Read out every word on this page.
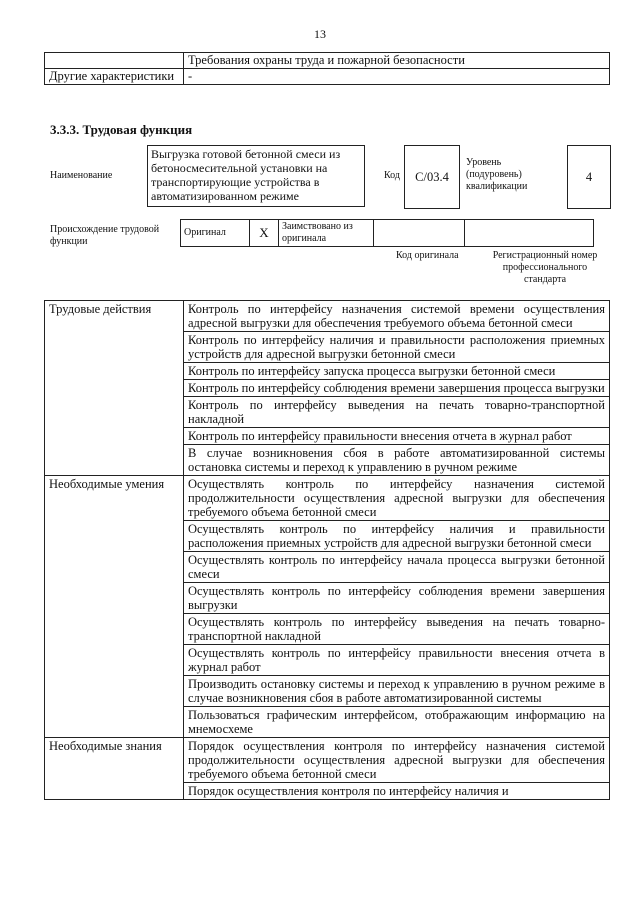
13
	Требования охраны труда и пожарной безопасности
Другие характеристики	-
3.3.3. Трудовая функция
Наименование
Выгрузка готовой бетонной смеси из бетоносмесительной установки на транспортирующие устройства в автоматизированном режиме
Код	С/03.4
Уровень (подуровень) квалификации
4
Происхождение трудовой функции
Оригинал	X	Заимствовано из оригинала		
Код оригинала	Регистрационный номер профессионального стандарта
Трудовые действия	Контроль по интерфейсу назначения системой времени осуществления адресной выгрузки для обеспечения требуемого объема бетонной смеси
	Контроль по интерфейсу наличия и правильности расположения приемных устройств для адресной выгрузки бетонной смеси
	Контроль по интерфейсу запуска процесса выгрузки бетонной смеси
	Контроль по интерфейсу соблюдения времени завершения процесса выгрузки
	Контроль по интерфейсу выведения на печать товарно-транспортной накладной
	Контроль по интерфейсу правильности внесения отчета в журнал работ
	В случае возникновения сбоя в работе автоматизированной системы остановка системы и переход к управлению в ручном режиме
Необходимые умения	Осуществлять контроль по интерфейсу назначения системой продолжительности осуществления адресной выгрузки для обеспечения требуемого объема бетонной смеси
	Осуществлять контроль по интерфейсу наличия и правильности расположения приемных устройств для адресной выгрузки бетонной смеси
	Осуществлять контроль по интерфейсу начала процесса выгрузки бетонной смеси
	Осуществлять контроль по интерфейсу соблюдения времени завершения выгрузки
	Осуществлять контроль по интерфейсу выведения на печать товарно-транспортной накладной
	Осуществлять контроль по интерфейсу правильности внесения отчета в журнал работ
	Производить остановку системы и переход к управлению в ручном режиме в случае возникновения сбоя в работе автоматизированной системы
	Пользоваться графическим интерфейсом, отображающим информацию на мнемосхеме
Необходимые знания	Порядок осуществления контроля по интерфейсу назначения системой продолжительности осуществления адресной выгрузки для обеспечения требуемого объема бетонной смеси
	Порядок осуществления контроля по интерфейсу наличия и
